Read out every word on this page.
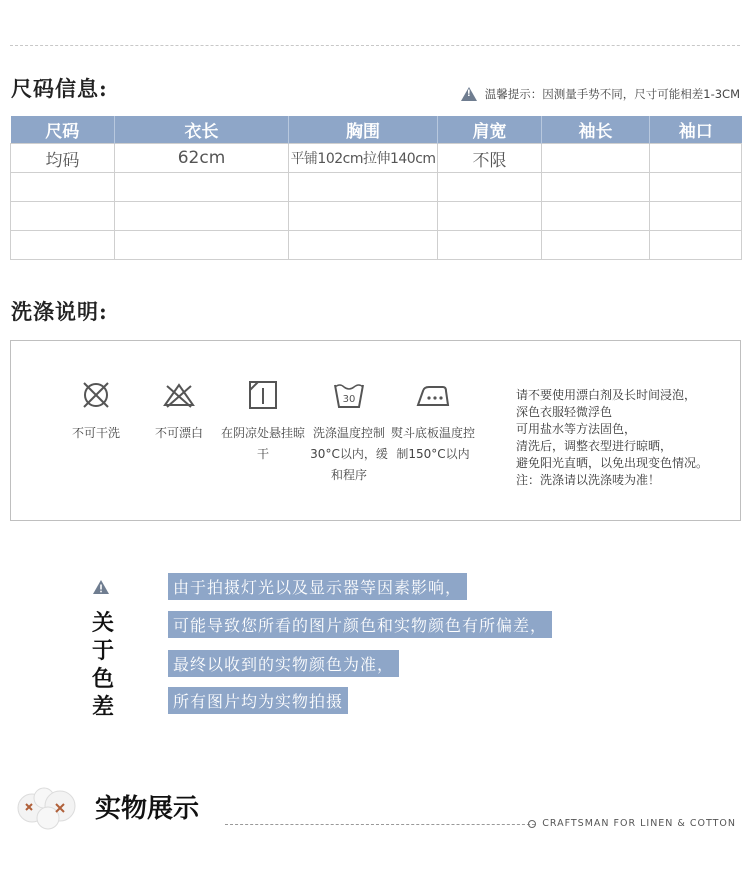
尺码信息: !	温馨提示：因测量手势不同，尺寸可能相差1-3CM
尺码	衣长	胸围	肩宽	袖长	袖口
均码	62cm	平铺102cm拉伸140cm	不限		

洗涤说明:
不可干洗	不可漂白	在阴凉处悬挂晾干
30
洗涤温度控制30°C以内，缓和程序
熨斗底板温度控制150°C以内
请不要使用漂白剂及长时间浸泡，
深色衣服轻微浮色
可用盐水等方法固色，
清洗后，调整衣型进行晾晒，
避免阳光直晒，以免出现变色情况。
注：洗涤请以洗涤唛为准！
关于色差
由于拍摄灯光以及显示器等因素影响，
可能导致您所看的图片颜色和实物颜色有所偏差，
最终以收到的实物颜色为准，
所有图片均为实物拍摄
实物展示	CRAFTSMAN FOR LINEN & COTTON
